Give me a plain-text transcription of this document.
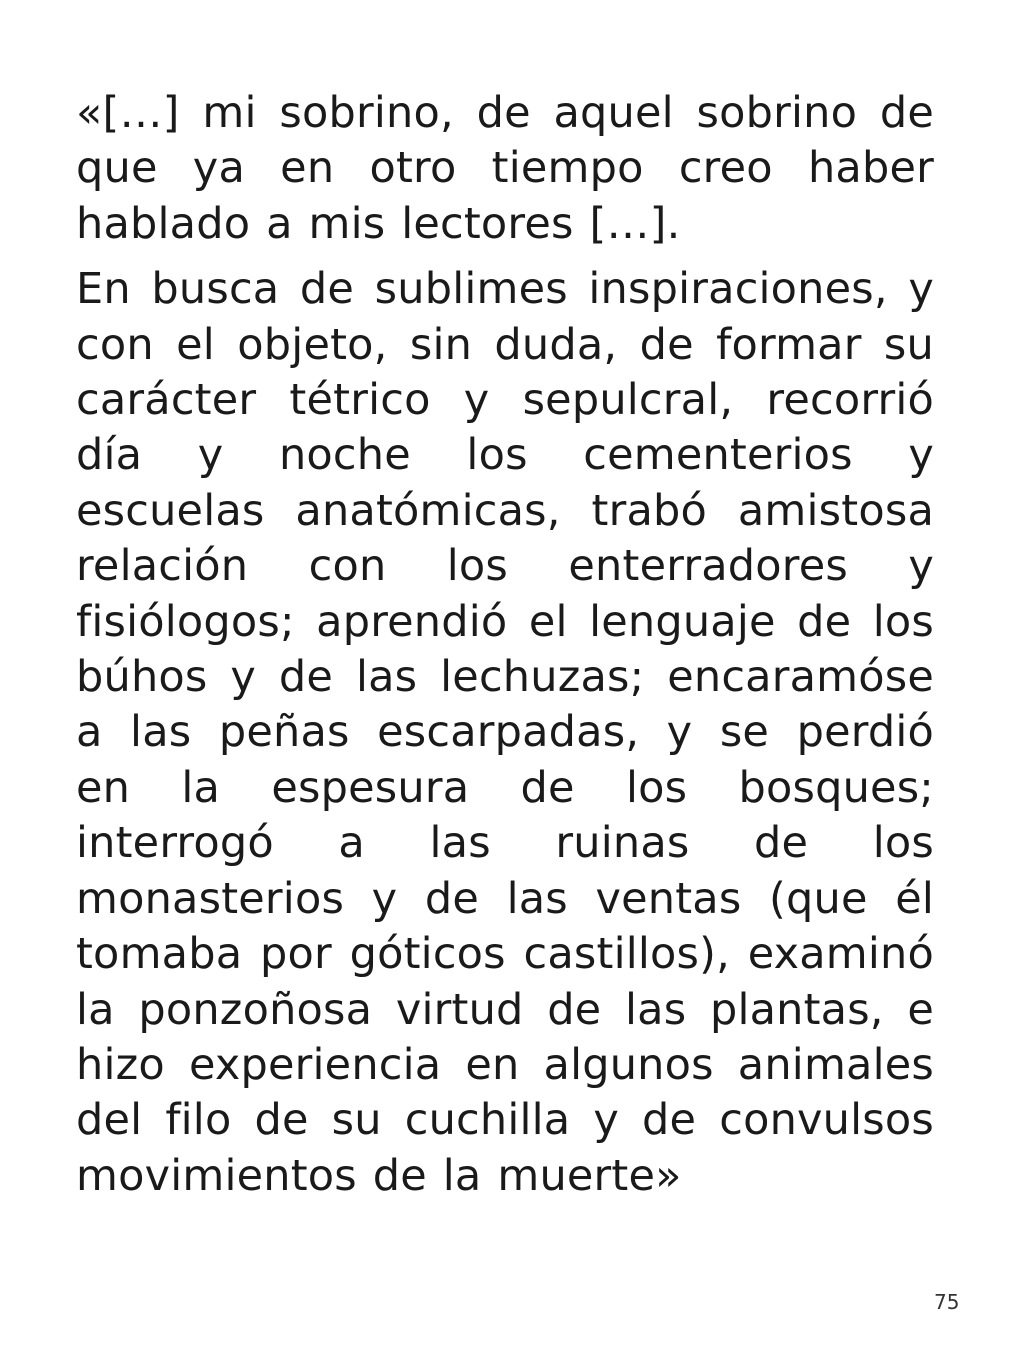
«[…] mi sobrino, de aquel sobrino de que ya en otro tiempo creo haber hablado a mis lectores […].

En busca de sublimes inspiraciones, y con el objeto, sin duda, de formar su carácter tétrico y sepulcral, recorrió día y noche los cementerios y escuelas anatómicas, trabó amistosa relación con los enterradores y fisiólogos; aprendió el lenguaje de los búhos y de las lechuzas; encaramóse a las peñas escarpadas, y se perdió en la espesura de los bosques; interrogó a las ruinas de los monasterios y de las ventas (que él tomaba por góticos castillos), examinó la ponzoñosa virtud de las plantas, e hizo experiencia en algunos animales del filo de su cuchilla y de convulsos movimientos de la muerte»

75
